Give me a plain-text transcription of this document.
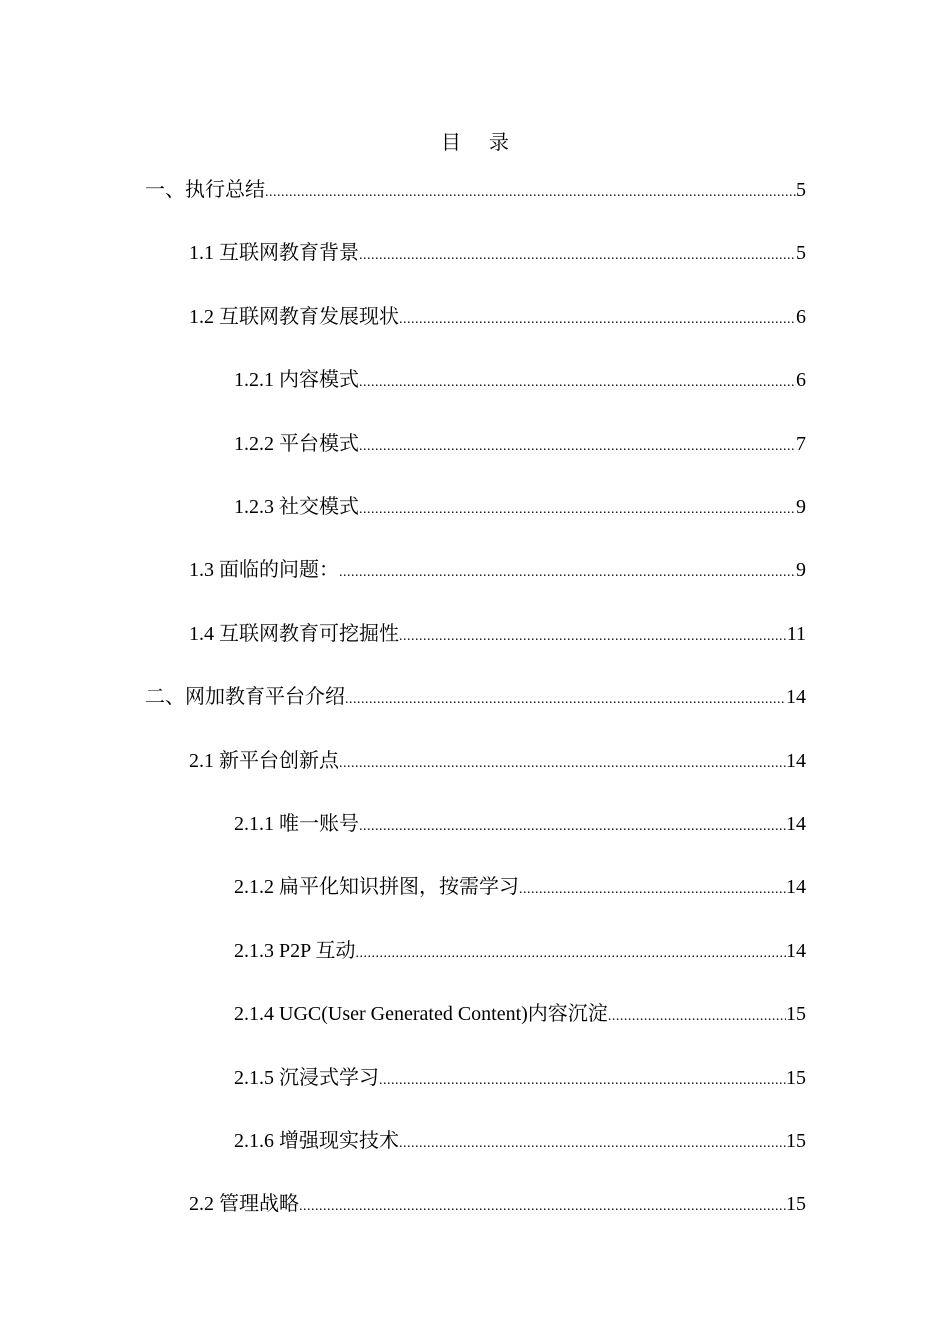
目录
一、执行总结 .....	5
1.1 互联网教育背景 .....	5
1.2 互联网教育发展现状 .....	6
1.2.1 内容模式 .....	6
1.2.2 平台模式 .....	7
1.2.3 社交模式 .....	9
1.3 面临的问题： .....	9
1.4 互联网教育可挖掘性 .....	11
二、网加教育平台介绍 .....	14
2.1 新平台创新点 .....	14
2.1.1 唯一账号 .....	14
2.1.2 扁平化知识拼图，按需学习 .....	14
2.1.3 P2P 互动 .....	14
2.1.4 UGC(User Generated Content)内容沉淀 .....	15
2.1.5 沉浸式学习 .....	15
2.1.6 增强现实技术 .....	15
2.2 管理战略 .....	15
